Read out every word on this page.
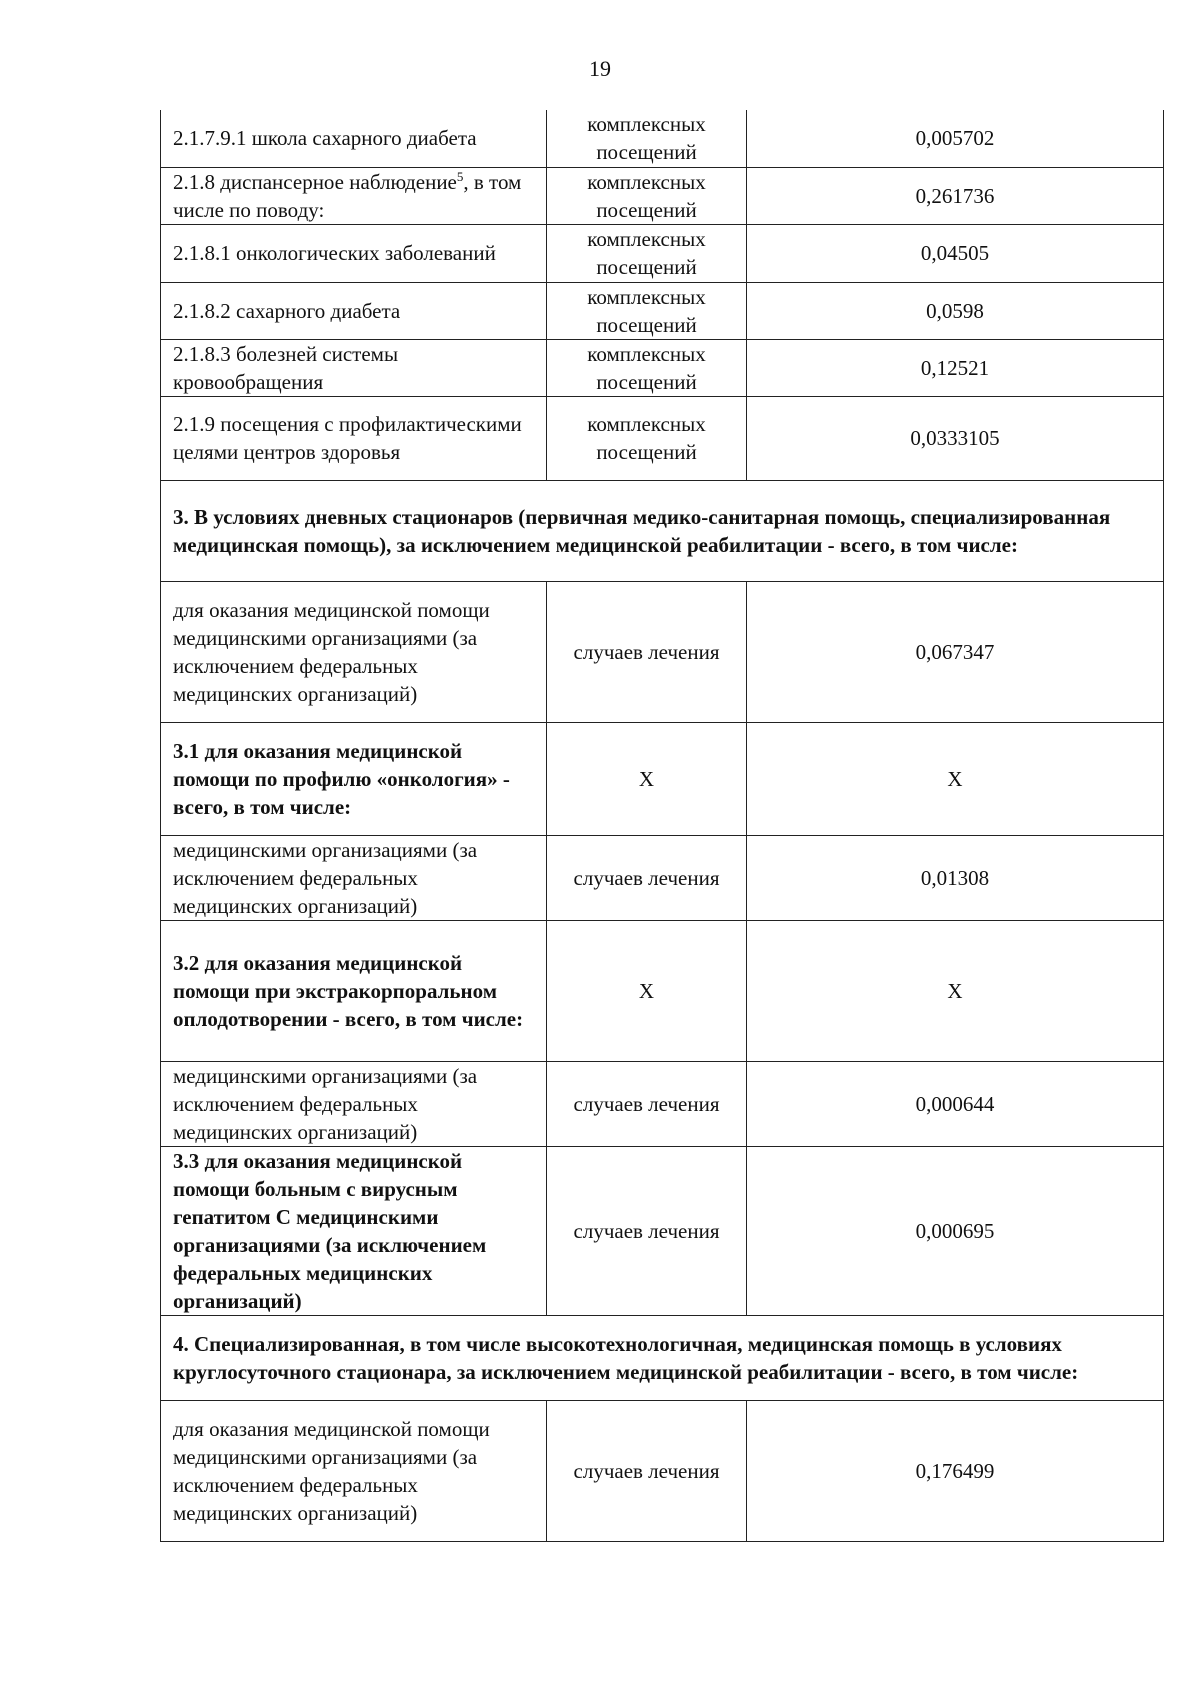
19
2.1.7.9.1 школа сахарного диабета	комплексных посещений	0,005702
2.1.8 диспансерное наблюдение$^5$, в том числе по поводу:	комплексных посещений	0,261736
2.1.8.1 онкологических заболеваний	комплексных посещений	0,04505
2.1.8.2 сахарного диабета	комплексных посещений	0,0598
2.1.8.3 болезней системы кровообращения	комплексных посещений	0,12521
2.1.9 посещения с профилактическими целями центров здоровья	комплексных посещений	0,0333105
3. В условиях дневных стационаров (первичная медико-санитарная помощь, специализированная медицинская помощь), за исключением медицинской реабилитации - всего, в том числе:		
для оказания медицинской помощи медицинскими организациями (за исключением федеральных медицинских организаций)	случаев лечения	0,067347
3.1 для оказания медицинской помощи по профилю «онкология» - всего, в том числе:	X	X
медицинскими организациями (за исключением федеральных медицинских организаций)	случаев лечения	0,01308
3.2 для оказания медицинской помощи при экстракорпоральном оплодотворении - всего, в том числе:	X	X
медицинскими организациями (за исключением федеральных медицинских организаций)	случаев лечения	0,000644
3.3 для оказания медицинской помощи больным с вирусным гепатитом С медицинскими организациями (за исключением федеральных медицинских организаций)	случаев лечения	0,000695
4. Специализированная, в том числе высокотехнологичная, медицинская помощь в условиях круглосуточного стационара, за исключением медицинской реабилитации - всего, в том числе:		
для оказания медицинской помощи медицинскими организациями (за исключением федеральных медицинских организаций)	случаев лечения	0,176499
